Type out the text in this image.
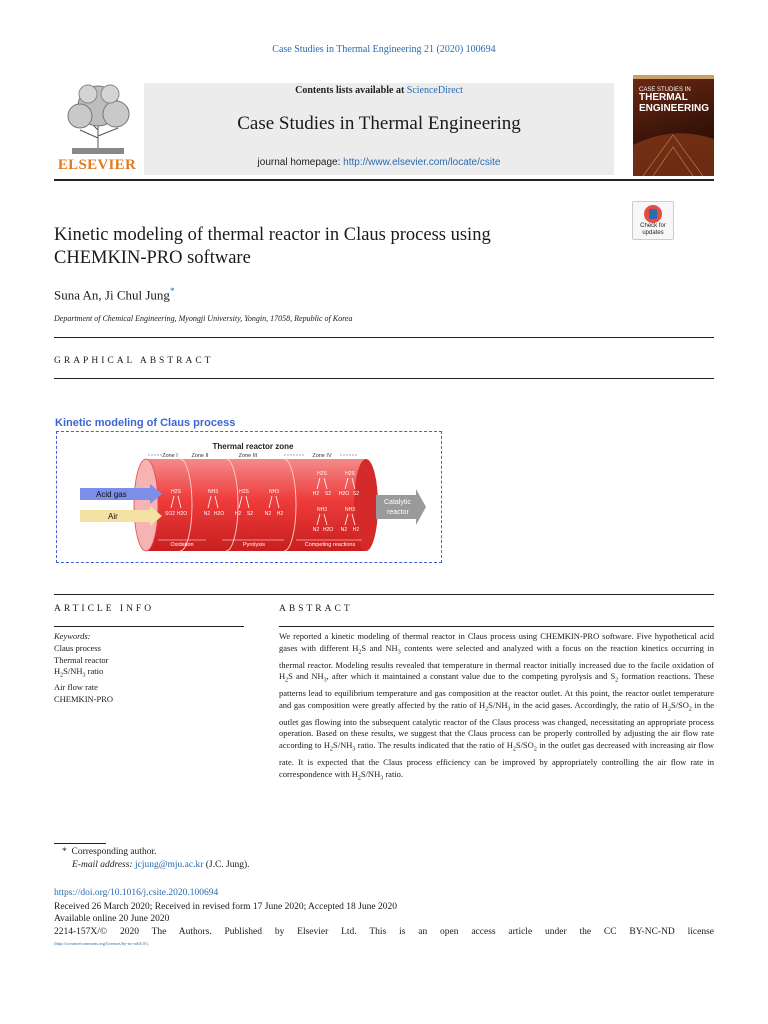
Case Studies in Thermal Engineering 21 (2020) 100694
ELSEVIER
Contents lists available at ScienceDirect
Case Studies in Thermal Engineering
journal homepage: http://www.elsevier.com/locate/csite
CASE STUDIES IN
THERMAL ENGINEERING
Check for
updates
Kinetic modeling of thermal reactor in Claus process using
CHEMKIN-PRO software
Suna An, Ji Chul Jung*
Department of Chemical Engineering, Myongji University, Yongin, 17058, Republic of Korea
GRAPHICAL ABSTRACT
Kinetic modeling of Claus process
Thermal reactor zone
Zone I Zone II	Zone III	Zone IV
Acid gas
Air
Catalytic
reactor
H2S
SO2 H2O
NH3
N2 H2O
H2S
H2 S2
NH3
N2 H2
H2S
H2 S2
H2S
H2O S2
NH3
N2 H2O
NH3
N2 H2
Oxidation	Pyrolysis	Competing reactions
ARTICLE INFO	ABSTRACT
Keywords:
Claus process
Thermal reactor
$H_2S/NH_3$ ratio
Air flow rate
CHEMKIN-PRO
We reported a kinetic modeling of thermal reactor in Claus process using CHEMKIN-PRO software. Five hypothetical acid gases with different $H_2S$ and $NH_3$ contents were selected and analyzed with a focus on the reaction kinetics occurring in thermal reactor. Modeling results revealed that temperature in thermal reactor initially increased due to the facile oxidation of $H_2S$ and $NH_3$, after which it maintained a constant value due to the competing pyrolysis and $S_2$ formation reactions. These patterns lead to equilibrium temperature and gas composition at the reactor outlet. At this point, the reactor outlet temperature and gas composition were greatly affected by the ratio of $H_2S/NH_3$ in the acid gases. Accordingly, the ratio of $H_2S/SO_2$ in the outlet gas flowing into the subsequent catalytic reactor of the Claus process was changed, necessitating an appropriate process operation. Based on these results, we suggest that the Claus process can be properly controlled by adjusting the air flow rate according to $H_2S/NH_3$ ratio. The results indicated that the ratio of $H_2S/SO_2$ in the outlet gas decreased with increasing air flow rate. It is expected that the Claus process efficiency can be improved by appropriately controlling the air flow rate in correspondence with $H_2S/NH_3$ ratio.
* Corresponding author.
E-mail address: jcjung@mju.ac.kr (J.C. Jung).
https://doi.org/10.1016/j.csite.2020.100694
Received 26 March 2020; Received in revised form 17 June 2020; Accepted 18 June 2020
Available online 20 June 2020
2214-157X/© 2020 The Authors. Published by Elsevier Ltd. This is an open access article under the CC BY-NC-ND license
(http://creativecommons.org/licenses/by-nc-nd/4.0/).
